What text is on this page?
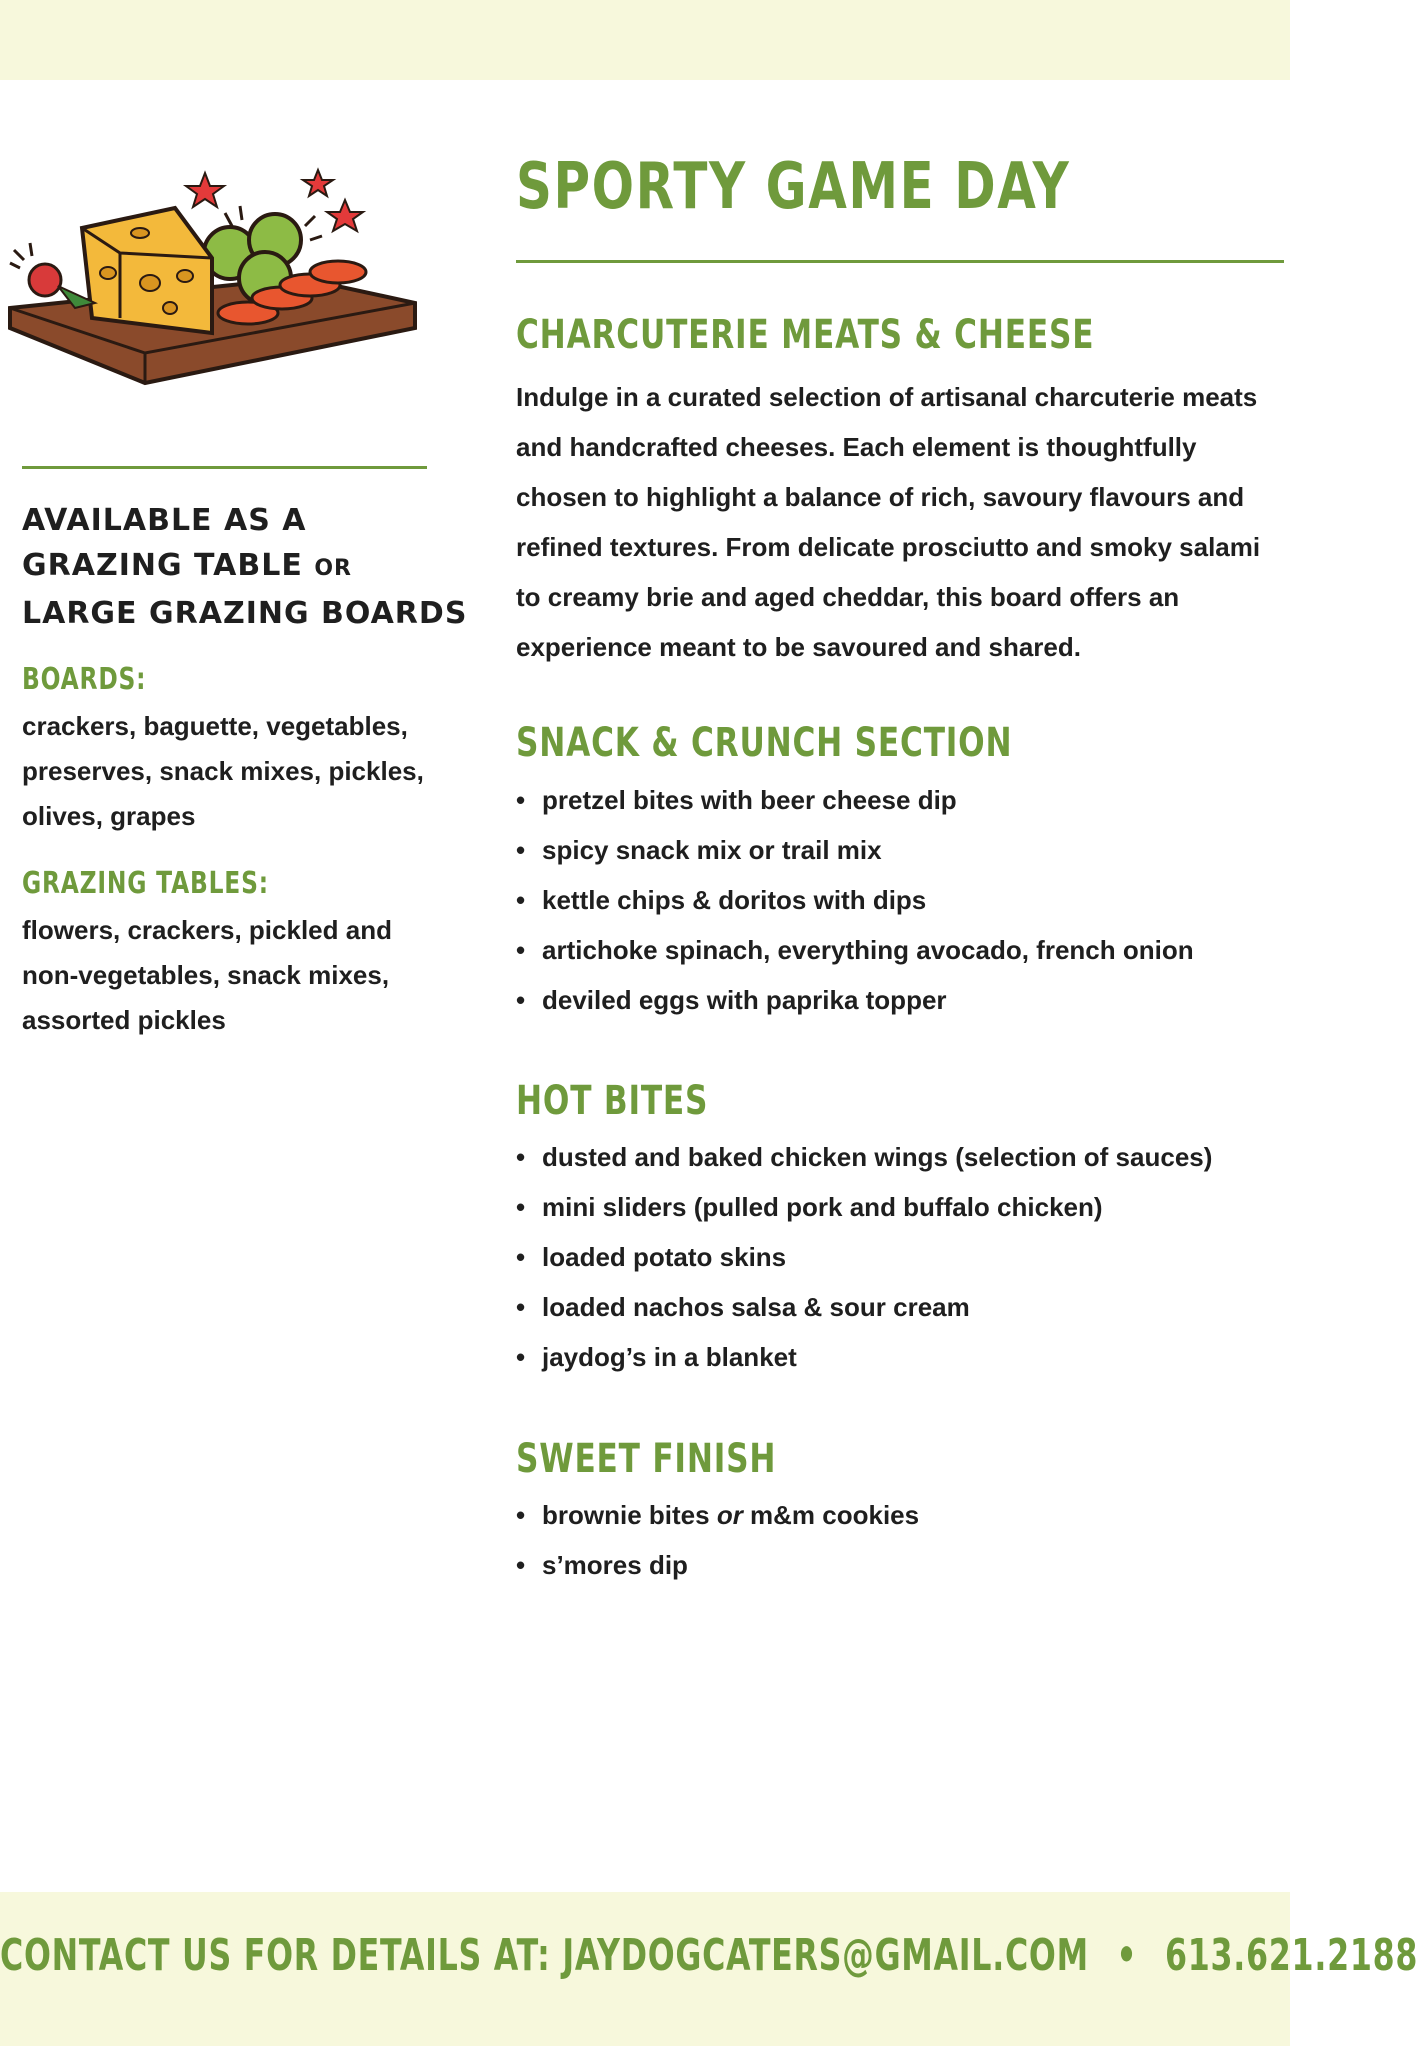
AVAILABLE AS A
GRAZING TABLE OR
LARGE GRAZING BOARDS
BOARDS:
crackers, baguette, vegetables, preserves, snack mixes, pickles, olives, grapes
GRAZING TABLES:
flowers, crackers, pickled and non-vegetables, snack mixes, assorted pickles
SPORTY GAME DAY
CHARCUTERIE MEATS & CHEESE
Indulge in a curated selection of artisanal charcuterie meats and handcrafted cheeses. Each element is thoughtfully chosen to highlight a balance of rich, savoury flavours and refined textures. From delicate prosciutto and smoky salami to creamy brie and aged cheddar, this board offers an experience meant to be savoured and shared.
SNACK & CRUNCH SECTION
• pretzel bites with beer cheese dip
• spicy snack mix or trail mix
• kettle chips & doritos with dips
• artichoke spinach, everything avocado, french onion
• deviled eggs with paprika topper
HOT BITES
• dusted and baked chicken wings (selection of sauces)
• mini sliders (pulled pork and buffalo chicken)
• loaded potato skins
• loaded nachos salsa & sour cream
• jaydog’s in a blanket
SWEET FINISH
• brownie bites or m&m cookies
• s’mores dip
CONTACT US FOR DETAILS AT: JAYDOGCATERS@GMAIL.COM • 613.621.2188
